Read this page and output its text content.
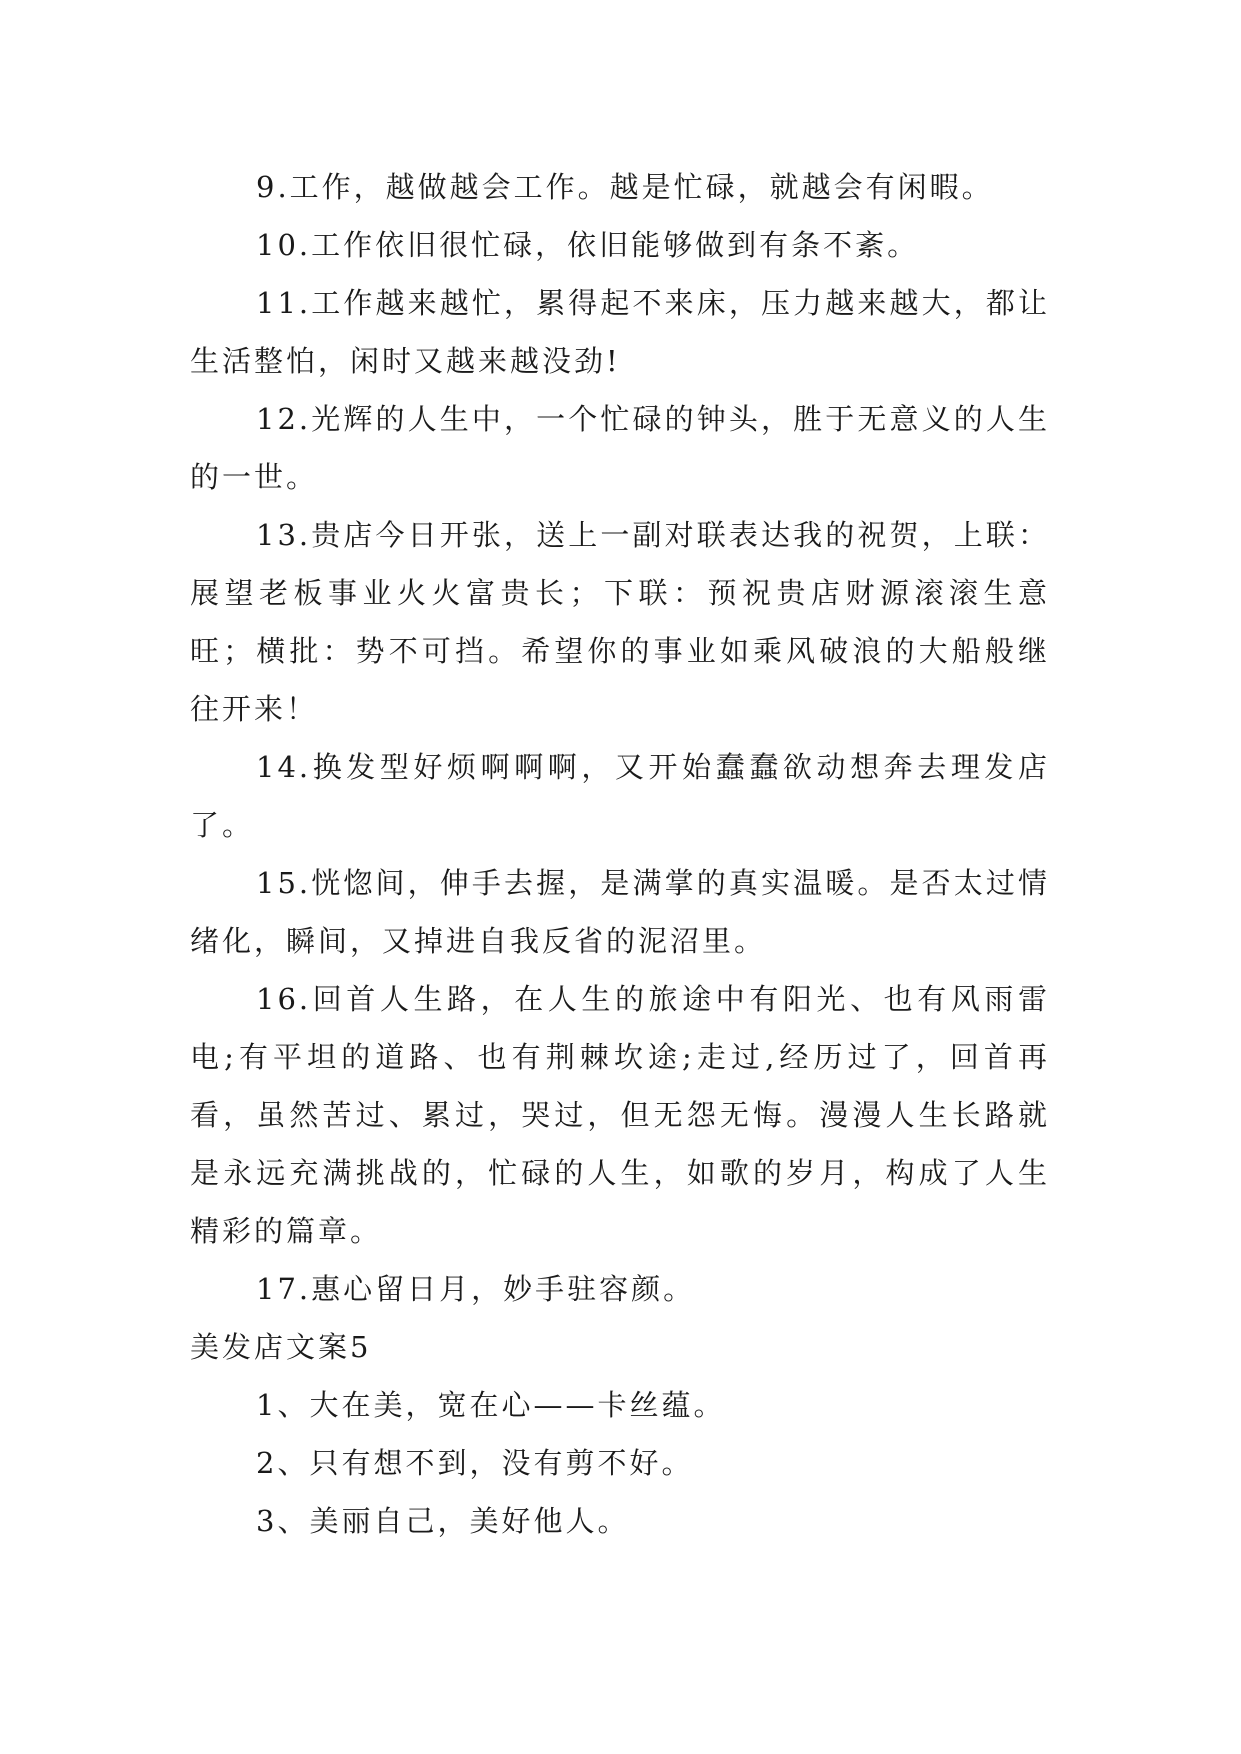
9.工作，越做越会工作。越是忙碌，就越会有闲暇。

10.工作依旧很忙碌，依旧能够做到有条不紊。

11.工作越来越忙，累得起不来床，压力越来越大，都让生活整怕，闲时又越来越没劲!

12.光辉的人生中，一个忙碌的钟头，胜于无意义的人生的一世。

13.贵店今日开张，送上一副对联表达我的祝贺，上联：展望老板事业火火富贵长；下联：预祝贵店财源滚滚生意旺；横批：势不可挡。希望你的事业如乘风破浪的大船般继往开来！

14.换发型好烦啊啊啊，又开始蠢蠢欲动想奔去理发店了。

15.恍惚间，伸手去握，是满掌的真实温暖。是否太过情绪化，瞬间，又掉进自我反省的泥沼里。

16.回首人生路，在人生的旅途中有阳光、也有风雨雷电;有平坦的道路、也有荆棘坎途;走过,经历过了，回首再看，虽然苦过、累过，哭过，但无怨无悔。漫漫人生长路就是永远充满挑战的，忙碌的人生，如歌的岁月，构成了人生精彩的篇章。

17.惠心留日月，妙手驻容颜。

美发店文案5

1、大在美，宽在心——卡丝蕴。

2、只有想不到，没有剪不好。

3、美丽自己，美好他人。
